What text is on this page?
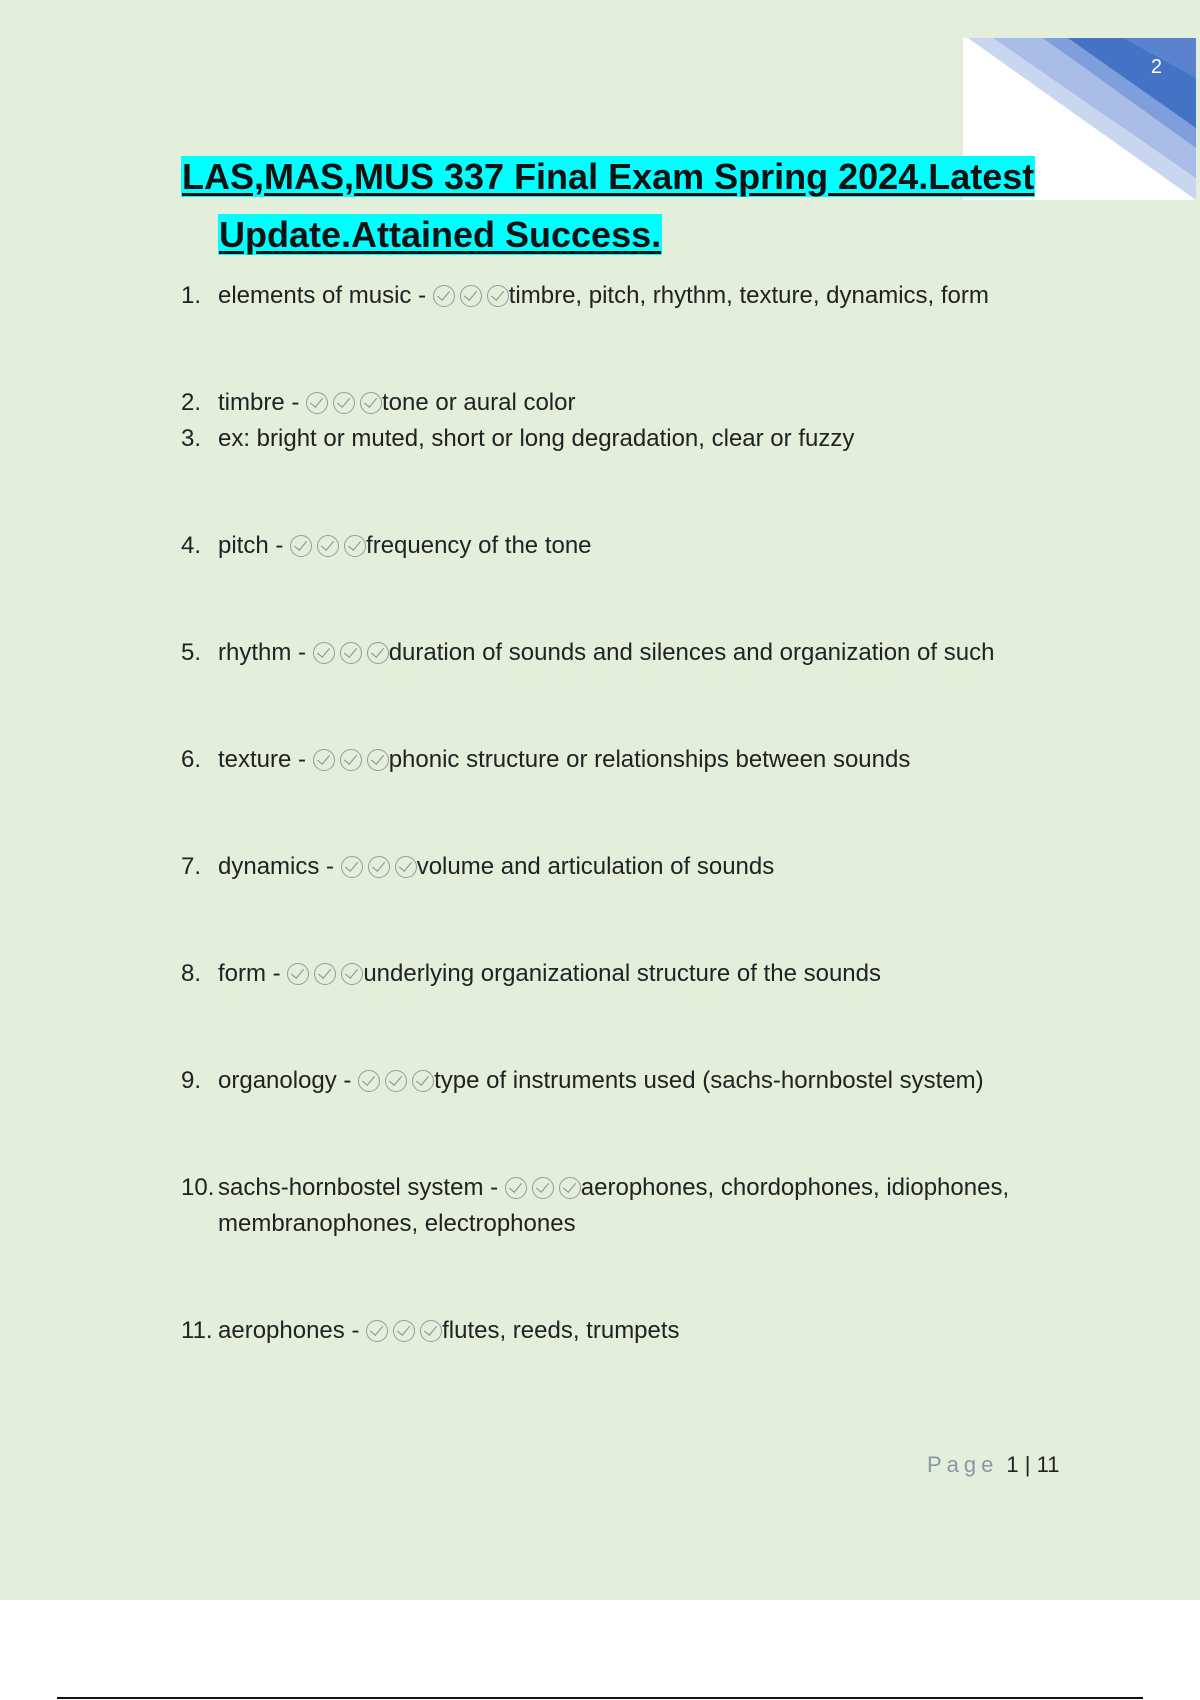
2
LAS,MAS,MUS 337 Final Exam Spring 2024.Latest
Update.Attained Success.
1. elements of music -	timbre, pitch, rhythm, texture, dynamics, form
2. timbre -	tone or aural color
3. ex: bright or muted, short or long degradation, clear or fuzzy
4. pitch -	frequency of the tone
5. rhythm -	duration of sounds and silences and organization of such
6. texture -	phonic structure or relationships between sounds
7. dynamics -	volume and articulation of sounds
8. form -	underlying organizational structure of the sounds
9. organology -	type of instruments used (sachs-hornbostel system)
10. sachs-hornbostel system -	aerophones, chordophones, idiophones,
membranophones, electrophones
11. aerophones -	flutes, reeds, trumpets
Page 1 | 11
